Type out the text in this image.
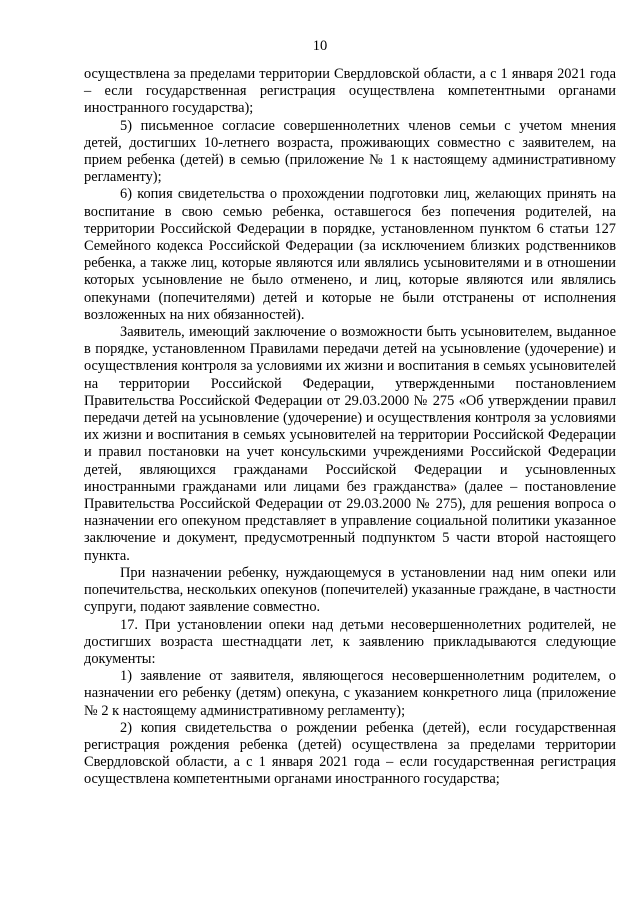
10

осуществлена за пределами территории Свердловской области, а с 1 января 2021 года – если государственная регистрация осуществлена компетентными органами иностранного государства);

5) письменное согласие совершеннолетних членов семьи с учетом мнения детей, достигших 10-летнего возраста, проживающих совместно с заявителем, на прием ребенка (детей) в семью (приложение № 1 к настоящему административному регламенту);

6) копия свидетельства о прохождении подготовки лиц, желающих принять на воспитание в свою семью ребенка, оставшегося без попечения родителей, на территории Российской Федерации в порядке, установленном пунктом 6 статьи 127 Семейного кодекса Российской Федерации (за исключением близких родственников ребенка, а также лиц, которые являются или являлись усыновителями и в отношении которых усыновление не было отменено, и лиц, которые являются или являлись опекунами (попечителями) детей и которые не были отстранены от исполнения возложенных на них обязанностей).

Заявитель, имеющий заключение о возможности быть усыновителем, выданное в порядке, установленном Правилами передачи детей на усыновление (удочерение) и осуществления контроля за условиями их жизни и воспитания в семьях усыновителей на территории Российской Федерации, утвержденными постановлением Правительства Российской Федерации от 29.03.2000 № 275 «Об утверждении правил передачи детей на усыновление (удочерение) и осуществления контроля за условиями их жизни и воспитания в семьях усыновителей на территории Российской Федерации и правил постановки на учет консульскими учреждениями Российской Федерации детей, являющихся гражданами Российской Федерации и усыновленных иностранными гражданами или лицами без гражданства» (далее – постановление Правительства Российской Федерации от 29.03.2000 № 275), для решения вопроса о назначении его опекуном представляет в управление социальной политики указанное заключение и документ, предусмотренный подпунктом 5 части второй настоящего пункта.

При назначении ребенку, нуждающемуся в установлении над ним опеки или попечительства, нескольких опекунов (попечителей) указанные граждане, в частности супруги, подают заявление совместно.

17. При установлении опеки над детьми несовершеннолетних родителей, не достигших возраста шестнадцати лет, к заявлению прикладываются следующие документы:

1) заявление от заявителя, являющегося несовершеннолетним родителем, о назначении его ребенку (детям) опекуна, с указанием конкретного лица (приложение № 2 к настоящему административному регламенту);

2) копия свидетельства о рождении ребенка (детей), если государственная регистрация рождения ребенка (детей) осуществлена за пределами территории Свердловской области, а с 1 января 2021 года – если государственная регистрация осуществлена компетентными органами иностранного государства;
